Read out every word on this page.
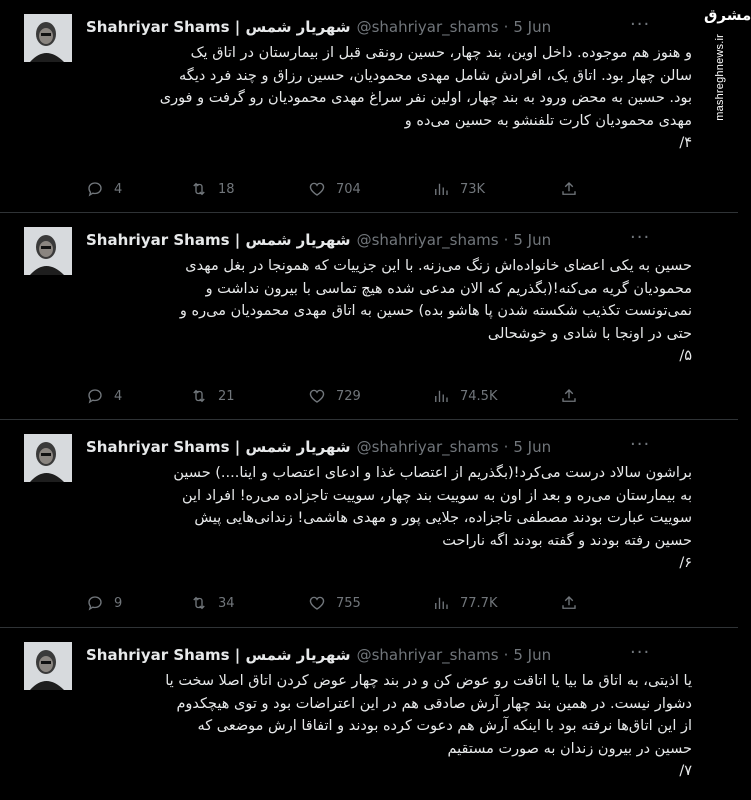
Shahriyar Shams | شهریار شمس @shahriyar_shams · 5 Jun	···

و هنوز هم موجوده. داخل اوین، بند چهار، حسین رونقی قبل از بیمارستان در اتاق یک

سالن چهار بود. اتاق یک، افرادش شامل مهدی محمودیان، حسین رزاق و چند فرد دیگه

بود. حسین به محض ورود به بند چهار، اولین نفر سراغ مهدی محمودیان رو گرفت و فوری

مهدی محمودیان کارت تلفنشو به حسین می‌ده و

۴/

4	18	704	73K
Shahriyar Shams | شهریار شمس @shahriyar_shams · 5 Jun	···

حسین به یکی اعضای خانواده‌اش زنگ می‌زنه. با این جزییات که همونجا در بغل مهدی

محمودیان گریه می‌کنه!(بگذریم که الان مدعی شده هیچ تماسی با بیرون نداشت و

نمی‌تونست تکذیب شکسته شدن پا هاشو بده) حسین به اتاق مهدی محمودیان می‌ره و

حتی در اونجا با شادی و خوشحالی

۵/

4	21	729	74.5K
Shahriyar Shams | شهریار شمس @shahriyar_shams · 5 Jun	···

براشون سالاد درست می‌کرد!(بگذریم از اعتصاب غذا و ادعای اعتصاب و اینا....) حسین

به بیمارستان می‌ره و بعد از اون به سوییت بند چهار، سوییت تاجزاده می‌ره! افراد این

سوییت عبارت بودند مصطفی تاجزاده، جلایی پور و مهدی هاشمی! زندانی‌هایی پیش

حسین رفته بودند و گفته بودند اگه ناراحت

۶/

9	34	755	77.7K
Shahriyar Shams | شهریار شمس @shahriyar_shams · 5 Jun	···

یا اذیتی، به اتاق ما بیا یا اتاقت رو عوض کن و در بند چهار عوض کردن اتاق اصلا سخت یا

دشوار نیست. در همین بند چهار آرش صادقی هم در این اعتراضات بود و توی هیچکدوم

از این اتاق‌ها نرفته بود با اینکه آرش هم دعوت کرده بودند و اتفاقا ارش موضعی که

حسین در بیرون زندان به صورت مستقیم

۷/

مشرق
mashreghnews.ir
